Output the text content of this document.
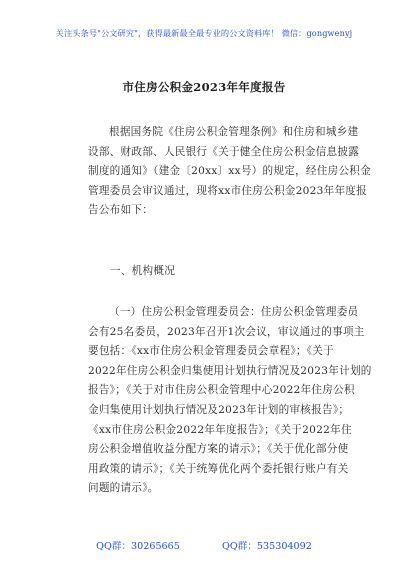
关注头条号"公文研究"，获得最新最全最专业的公文资料库！ 微信：gongwenyj
市住房公积金2023年年度报告
根据国务院《住房公积金管理条例》和住房和城乡建
设部、财政部、人民银行《关于健全住房公积金信息披露
制度的通知》（建金〔20xx〕xx号）的规定，经住房公积金
管理委员会审议通过，现将xx市住房公积金2023年年度报
告公布如下：
一、机构概况
（一）住房公积金管理委员会：住房公积金管理委员
会有25名委员，2023年召开1次会议，审议通过的事项主
要包括：《xx市住房公积金管理委员会章程》；《关于
2022年住房公积金归集使用计划执行情况及2023年计划的
报告》；《关于对市住房公积金管理中心2022年住房公积
金归集使用计划执行情况及2023年计划的审核报告》；
《xx市住房公积金2022年年度报告》；《关于2022年住
房公积金增值收益分配方案的请示》；《关于优化部分使
用政策的请示》；《关于统筹优化两个委托银行账户有关
问题的请示》。
QQ群：30265665	QQ群：535304092
